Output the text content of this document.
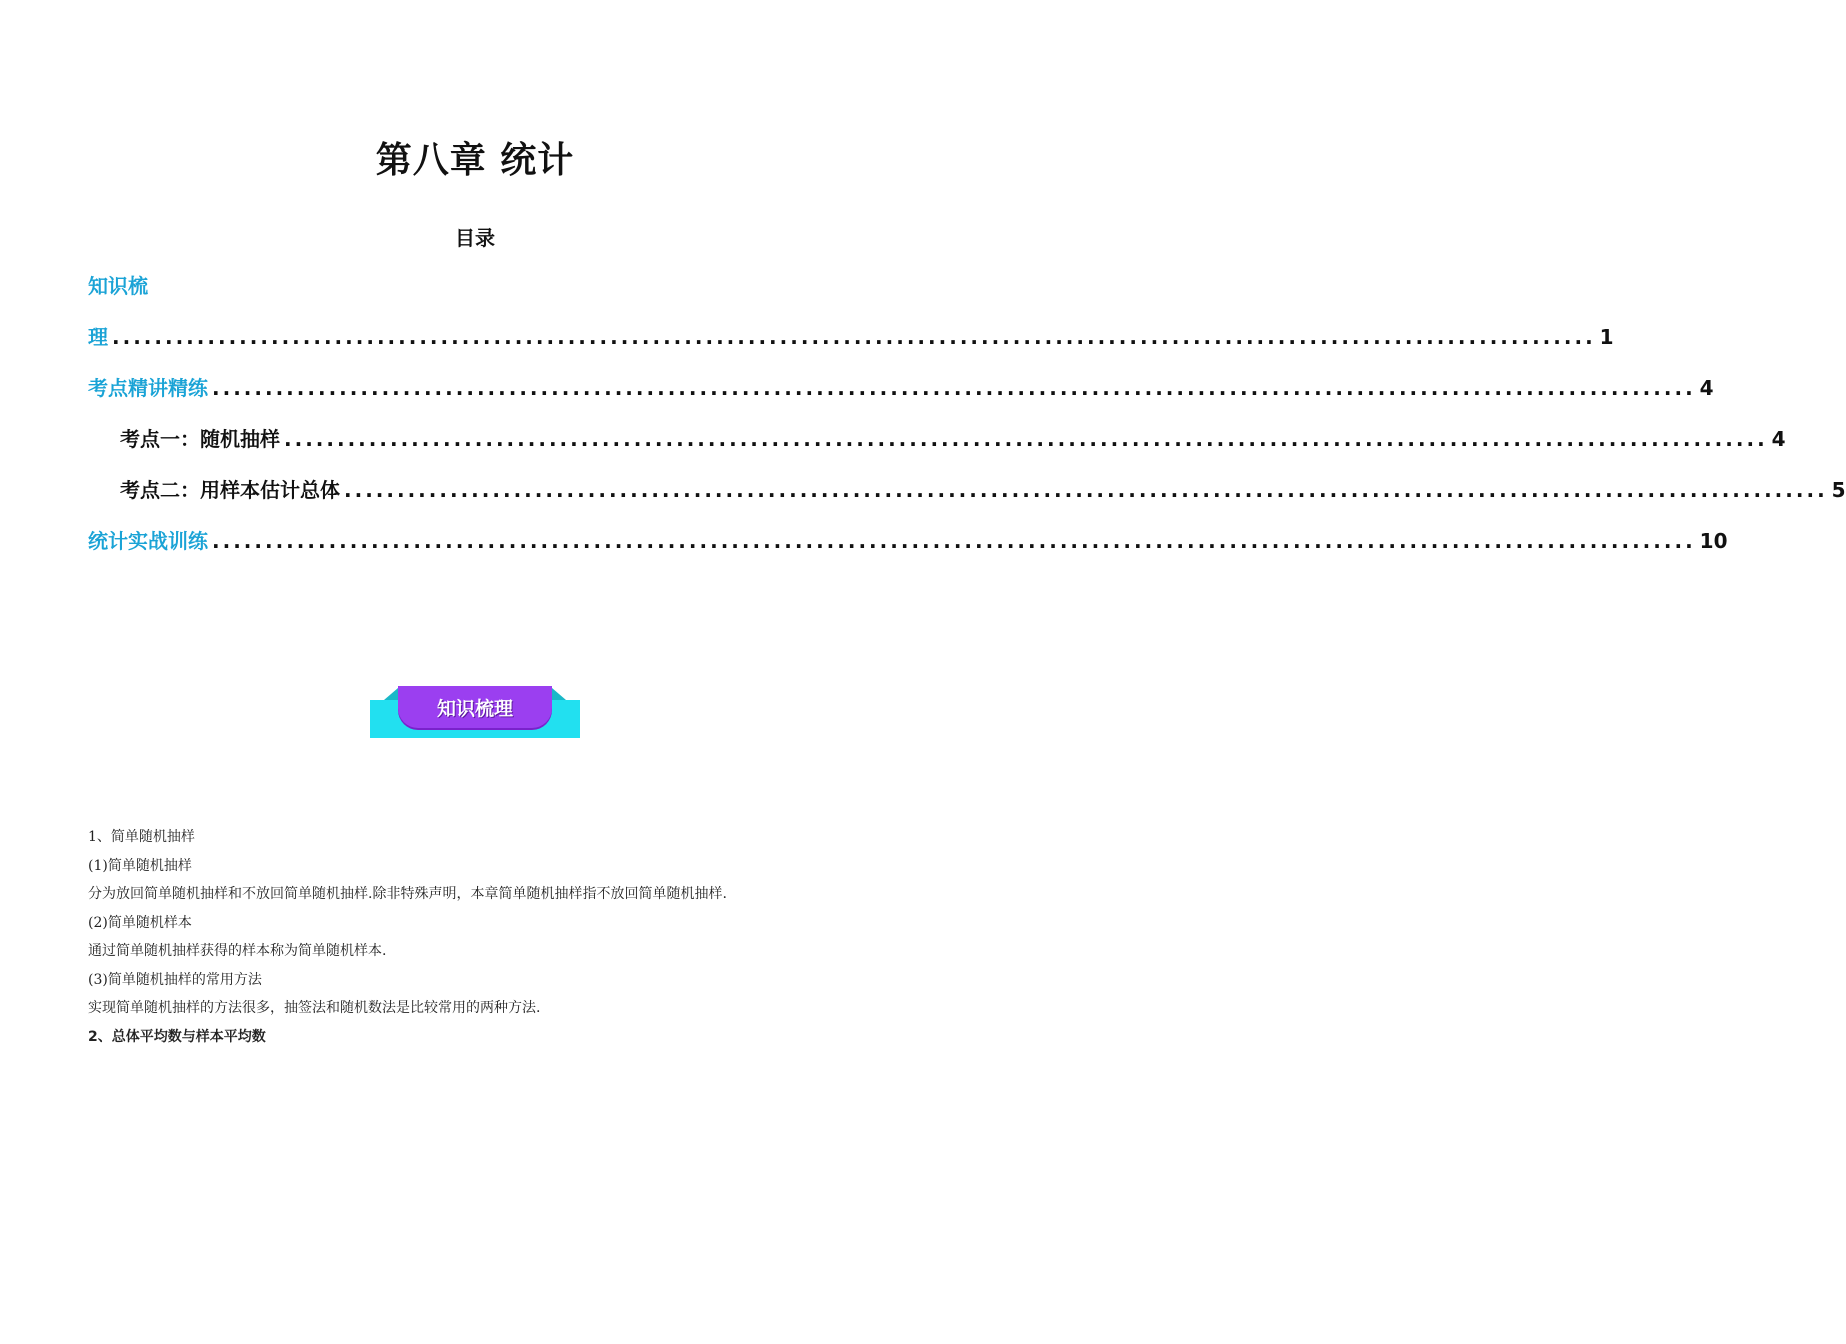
第八章 统计
目录
知识梳
理 ............................................................................................................................................ 1
考点精讲精练 ............................................................................................................................................ 4
考点一：随机抽样 ............................................................................................................................................ 4
考点二：用样本估计总体 ............................................................................................................................................ 5
统计实战训练 ............................................................................................................................................ 10
知识梳理

1、简单随机抽样

(1)简单随机抽样

分为放回简单随机抽样和不放回简单随机抽样.除非特殊声明，本章简单随机抽样指不放回简单随机抽样.

(2)简单随机样本

通过简单随机抽样获得的样本称为简单随机样本.

(3)简单随机抽样的常用方法

实现简单随机抽样的方法很多，抽签法和随机数法是比较常用的两种方法.

2、总体平均数与样本平均数
